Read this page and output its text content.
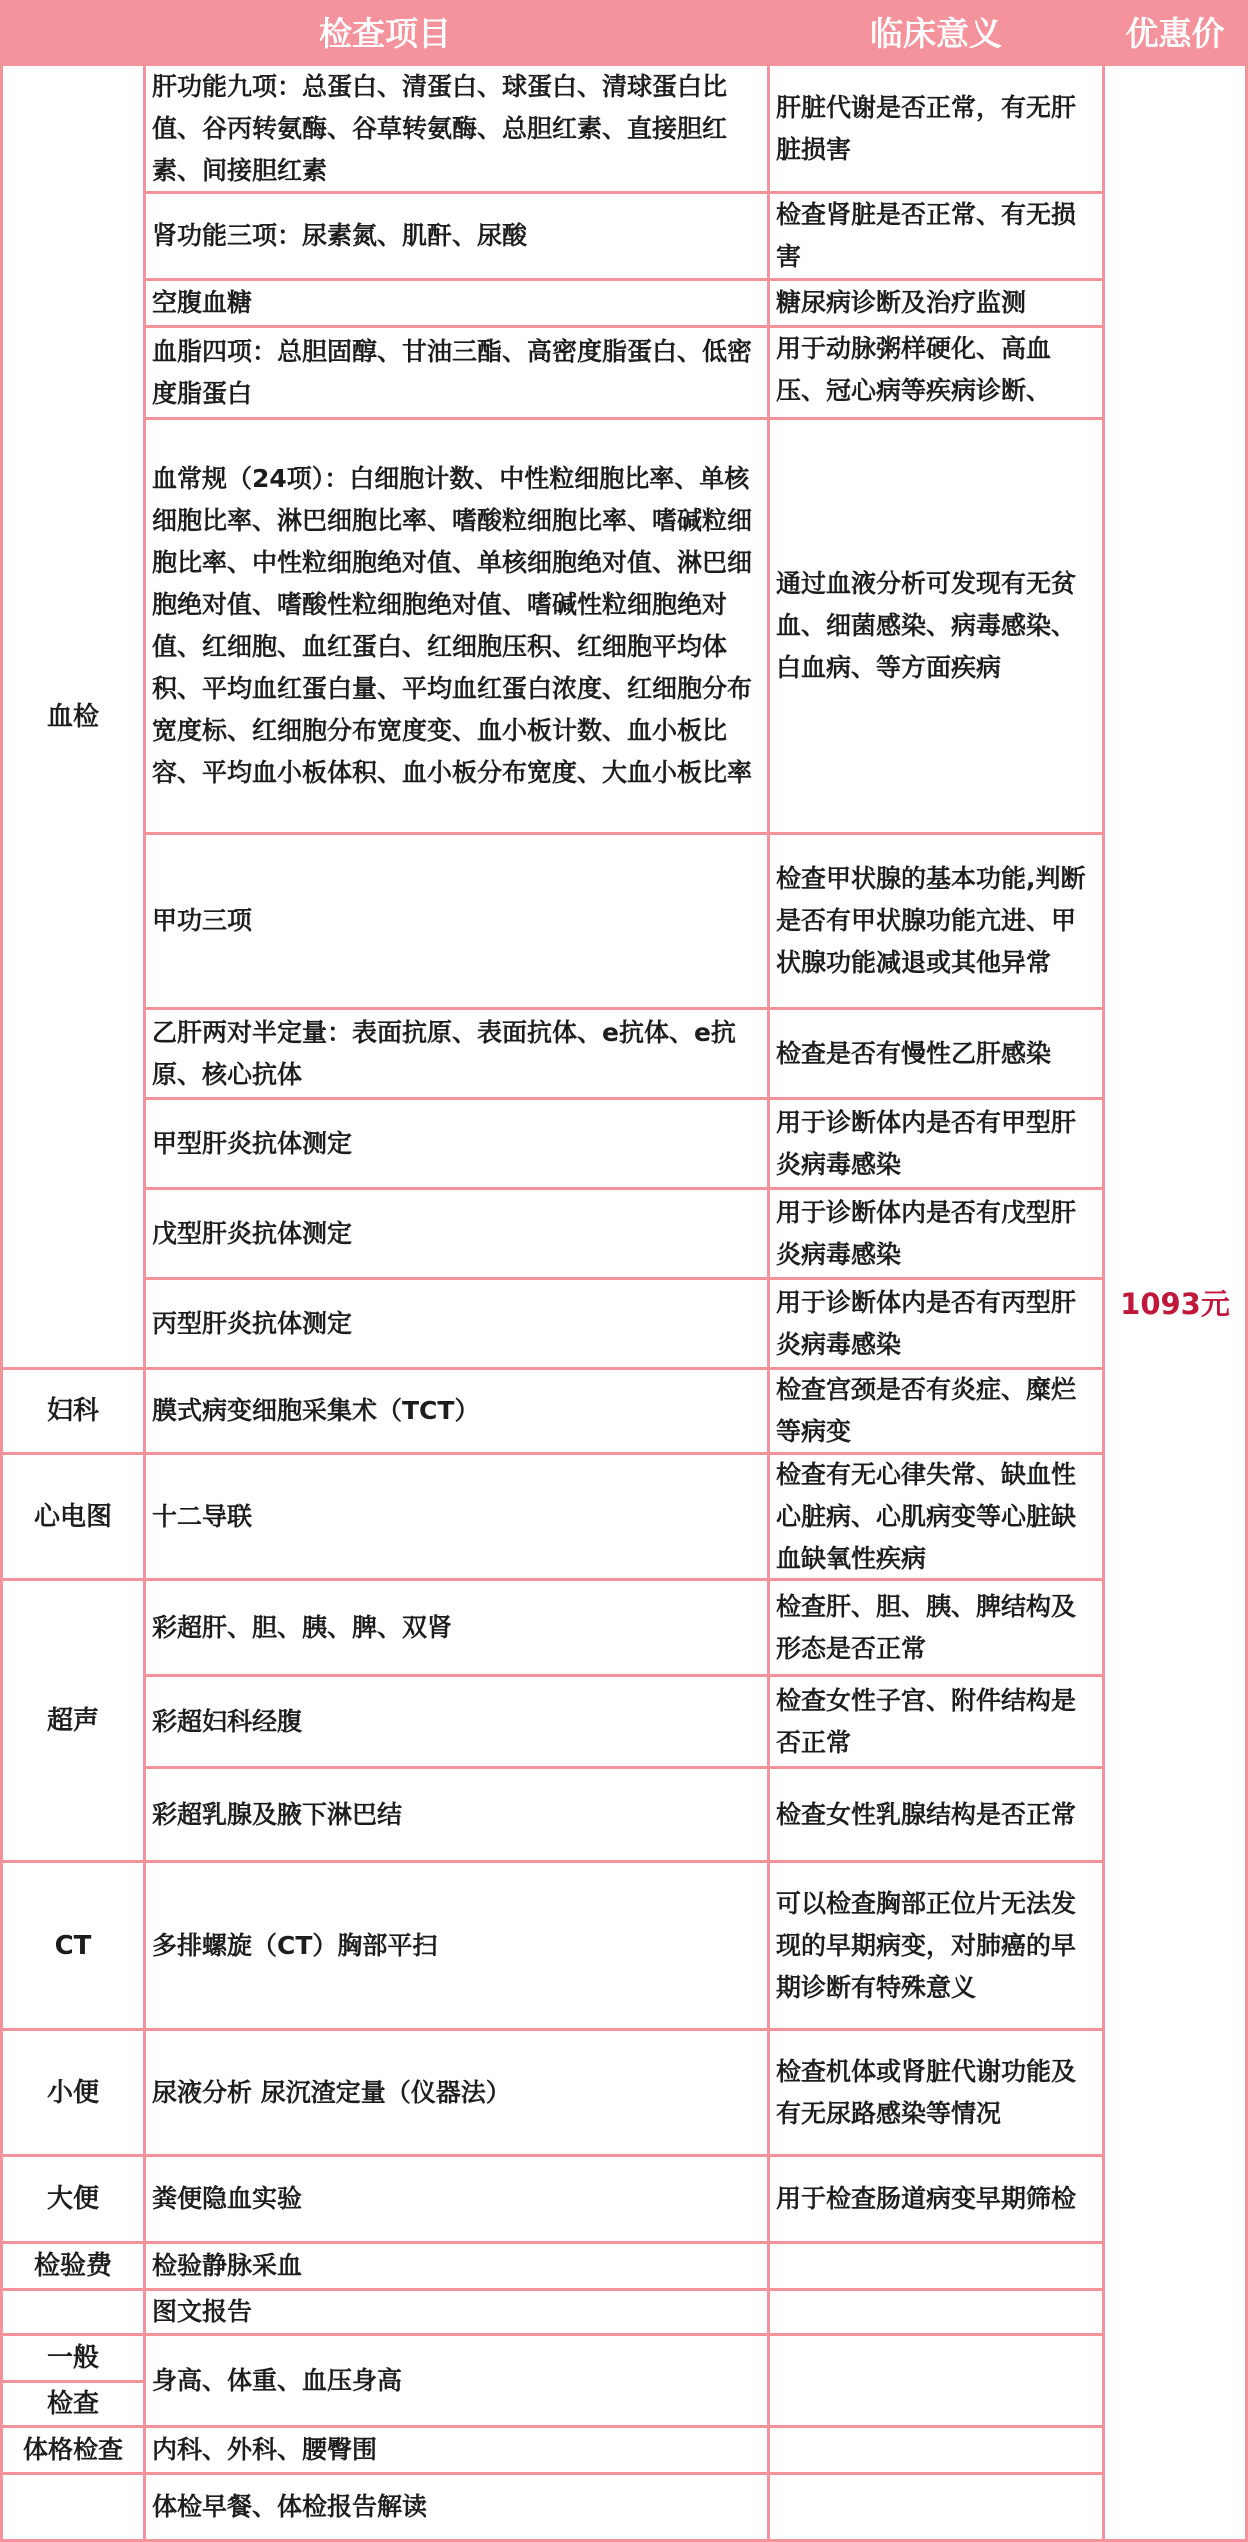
检查项目	临床意义	优惠价
血检
妇科
心电图
超声
CT
小便
大便
检验费
一般
检查
体格检查
肝功能九项：总蛋白、清蛋白、球蛋白、清球蛋白比值、谷丙转氨酶、谷草转氨酶、总胆红素、直接胆红素、间接胆红素
肾功能三项：尿素氮、肌酐、尿酸
空腹血糖
血脂四项：总胆固醇、甘油三酯、高密度脂蛋白、低密度脂蛋白
血常规（24项）：白细胞计数、中性粒细胞比率、单核细胞比率、淋巴细胞比率、嗜酸粒细胞比率、嗜碱粒细胞比率、中性粒细胞绝对值、单核细胞绝对值、淋巴细胞绝对值、嗜酸性粒细胞绝对值、嗜碱性粒细胞绝对值、红细胞、血红蛋白、红细胞压积、红细胞平均体积、平均血红蛋白量、平均血红蛋白浓度、红细胞分布宽度标、红细胞分布宽度变、血小板计数、血小板比容、平均血小板体积、血小板分布宽度、大血小板比率
甲功三项
乙肝两对半定量：表面抗原、表面抗体、e抗体、e抗原、核心抗体
甲型肝炎抗体测定
戊型肝炎抗体测定
丙型肝炎抗体测定
膜式病变细胞采集术（TCT）
十二导联
彩超肝、胆、胰、脾、双肾
彩超妇科经腹
彩超乳腺及腋下淋巴结
多排螺旋（CT）胸部平扫
尿液分析 尿沉渣定量（仪器法）
粪便隐血实验
检验静脉采血
图文报告
身高、体重、血压身高
内科、外科、腰臀围
体检早餐、体检报告解读
肝脏代谢是否正常，有无肝脏损害
检查肾脏是否正常、有无损害
糖尿病诊断及治疗监测
用于动脉粥样硬化、高血压、冠心病等疾病诊断、
通过血液分析可发现有无贫血、细菌感染、病毒感染、白血病、等方面疾病
检查甲状腺的基本功能,判断是否有甲状腺功能亢进、甲状腺功能减退或其他异常
检查是否有慢性乙肝感染
用于诊断体内是否有甲型肝炎病毒感染
用于诊断体内是否有戊型肝炎病毒感染
用于诊断体内是否有丙型肝炎病毒感染
检查宫颈是否有炎症、糜烂等病变
检查有无心律失常、缺血性心脏病、心肌病变等心脏缺血缺氧性疾病
检查肝、胆、胰、脾结构及形态是否正常
检查女性子宫、附件结构是否正常
检查女性乳腺结构是否正常
可以检查胸部正位片无法发现的早期病变，对肺癌的早期诊断有特殊意义
检查机体或肾脏代谢功能及有无尿路感染等情况
用于检查肠道病变早期筛检
1093元
